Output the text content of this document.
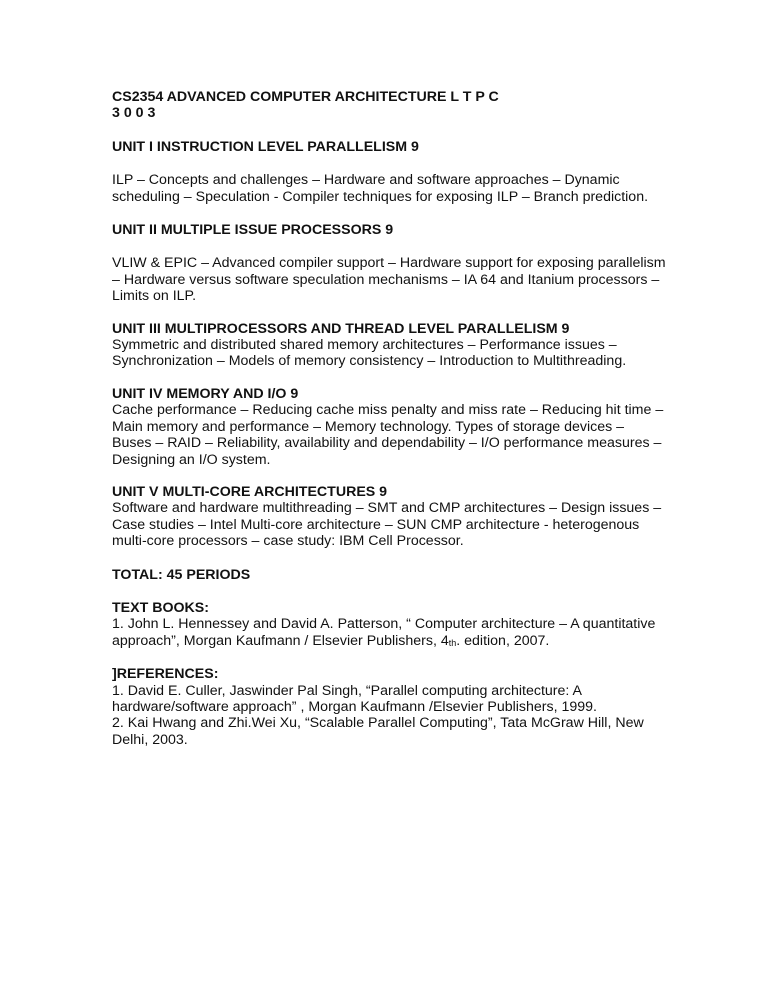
CS2354 ADVANCED COMPUTER ARCHITECTURE L T P C
3 0 0 3
UNIT I INSTRUCTION LEVEL PARALLELISM 9
ILP – Concepts and challenges – Hardware and software approaches – Dynamic
scheduling – Speculation - Compiler techniques for exposing ILP – Branch prediction.
UNIT II MULTIPLE ISSUE PROCESSORS 9
VLIW & EPIC – Advanced compiler support – Hardware support for exposing parallelism
– Hardware versus software speculation mechanisms – IA 64 and Itanium processors –
Limits on ILP.
UNIT III MULTIPROCESSORS AND THREAD LEVEL PARALLELISM 9
Symmetric and distributed shared memory architectures – Performance issues –
Synchronization – Models of memory consistency – Introduction to Multithreading.
UNIT IV MEMORY AND I/O 9
Cache performance – Reducing cache miss penalty and miss rate – Reducing hit time –
Main memory and performance – Memory technology. Types of storage devices –
Buses – RAID – Reliability, availability and dependability – I/O performance measures –
Designing an I/O system.
UNIT V MULTI-CORE ARCHITECTURES 9
Software and hardware multithreading – SMT and CMP architectures – Design issues –
Case studies – Intel Multi-core architecture – SUN CMP architecture - heterogenous
multi-core processors – case study: IBM Cell Processor.
TOTAL: 45 PERIODS
TEXT BOOKS:
1. John L. Hennessey and David A. Patterson, “ Computer architecture – A quantitative
approach”, Morgan Kaufmann / Elsevier Publishers, $4_{th}$. edition, 2007.
]REFERENCES:
1. David E. Culler, Jaswinder Pal Singh, “Parallel computing architecture: A
hardware/software approach” , Morgan Kaufmann /Elsevier Publishers, 1999.
2. Kai Hwang and Zhi.Wei Xu, “Scalable Parallel Computing”, Tata McGraw Hill, New
Delhi, 2003.
